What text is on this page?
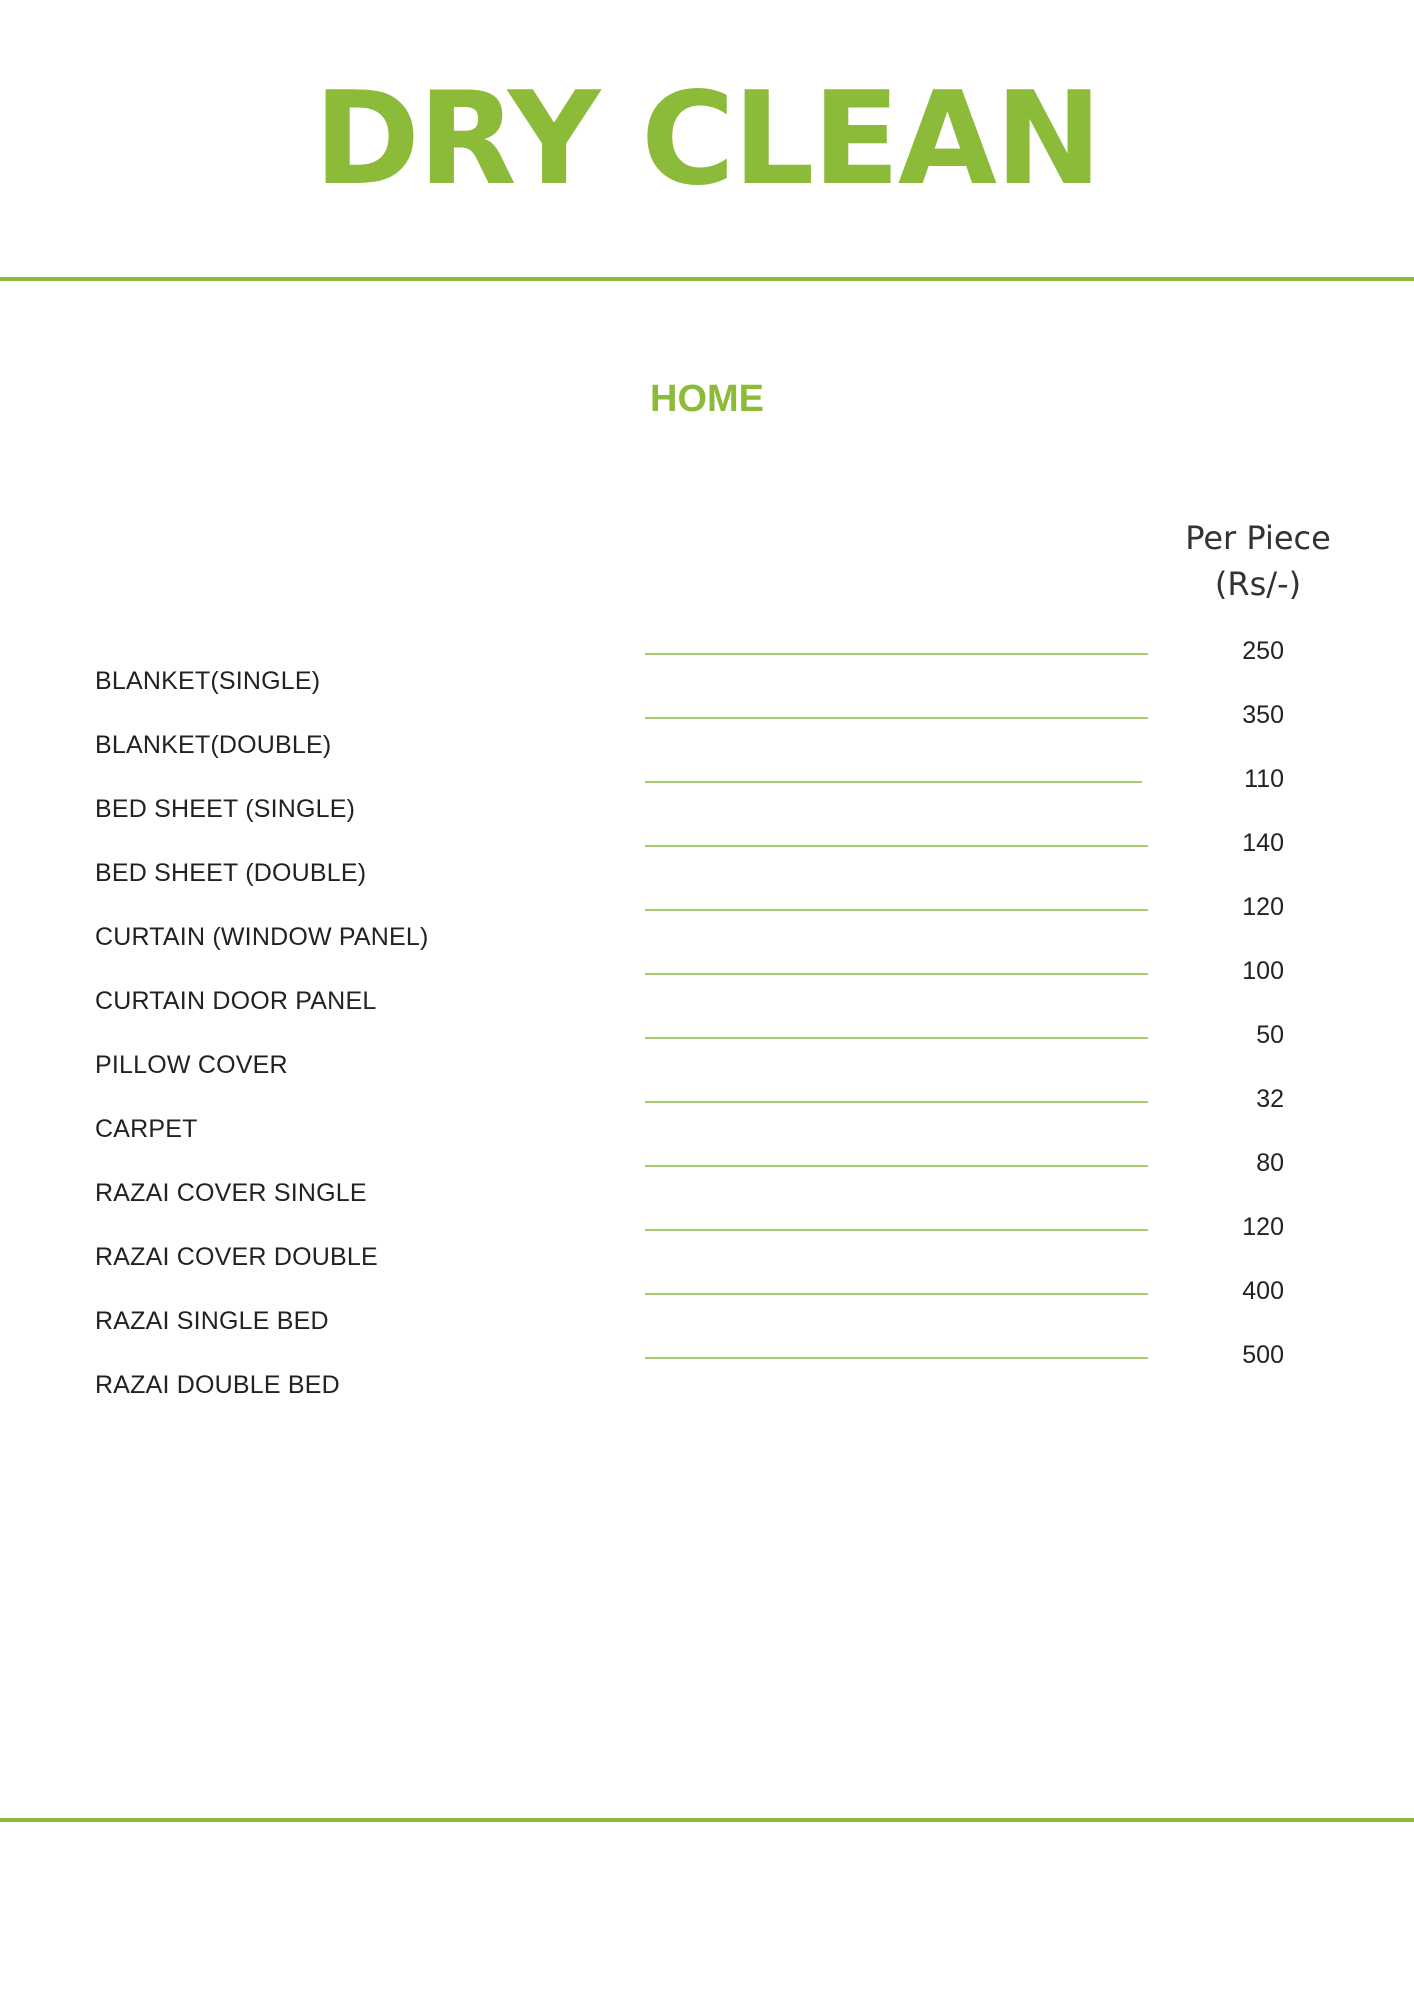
DRY CLEAN
HOME
Per Piece
(Rs/-)
BLANKET(SINGLE)
250
BLANKET(DOUBLE)
350
BED SHEET (SINGLE)
110
BED SHEET (DOUBLE)
140
CURTAIN (WINDOW PANEL)
120
CURTAIN DOOR PANEL
100
PILLOW COVER
50
CARPET
32
RAZAI COVER SINGLE
80
RAZAI COVER DOUBLE
120
RAZAI SINGLE BED
400
RAZAI DOUBLE BED
500
